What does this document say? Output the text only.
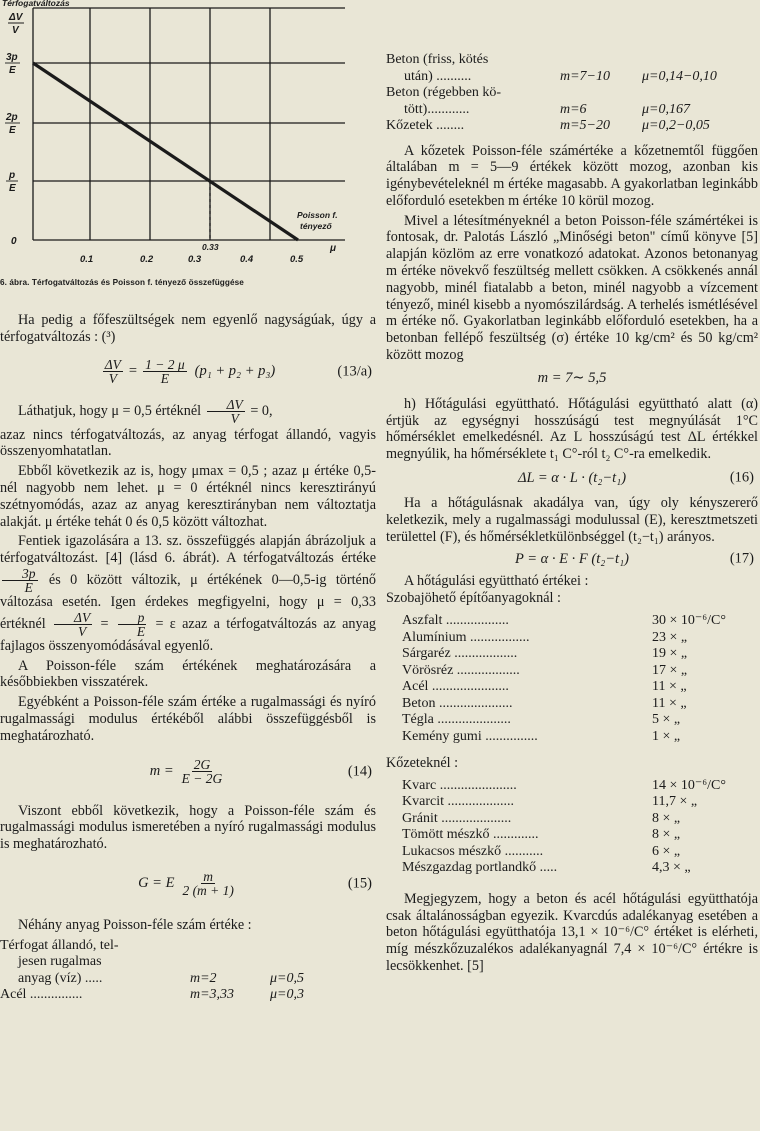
Térfogatváltozás
ΔV
V
3p
E
2p
E
p
E
0
0.1	0.2	0.3
0.33
0.4	0.5
Poisson f.
tényező
μ

6. ábra. Térfogatváltozás és Poisson f. tényező összefüggése

Ha pedig a főfeszültségek nem egyenlő nagyságúak, úgy a térfogatváltozás : (³)

$\frac{\Delta V}{V} = \frac{1 - 2 \mu}{E} (p_1 + p_2 + p_3)$	(13/a)

Láthatjuk, hogy μ = 0,5 értéknél $\frac{\Delta V}{V} = 0$,

azaz nincs térfogatváltozás, az anyag térfogat állandó, vagyis összenyomhatatlan.

Ebből következik az is, hogy μmax = 0,5 ; azaz μ értéke 0,5-nél nagyobb nem lehet. μ = 0 értéknél nincs keresztirányú szétnyomódás, azaz az anyag keresztirányban nem változtatja alakját. μ értéke tehát 0 és 0,5 között változhat.

Fentiek igazolására a 13. sz. összefüggés alapján ábrázoljuk a térfogatváltozást. [4] (lásd 6. ábrát). A térfogatváltozás értéke
$\frac{3p}{E}$ és 0 között változik, μ értékének 0—0,5-ig történő változása esetén. Igen érdekes megfigyelni, hogy μ = 0,33 értéknél $\frac{\Delta V}{V} = \frac{p}{E} = \varepsilon$ azaz a térfogatváltozás az anyag fajlagos összenyomódásával egyenlő.

A Poisson-féle szám értékének meghatározására a későbbiekben visszatérek.

Egyébként a Poisson-féle szám értéke a rugalmassági és nyíró rugalmassági modulus értékéből alábbi összefüggésből is meghatározható.

$m = \frac{2G}{E - 2G}$	(14)

Viszont ebből következik, hogy a Poisson-féle szám és rugalmassági modulus ismeretében a nyíró rugalmassági modulus is meghatározható.

G = E $\frac{m}{2 (m + 1)}$	(15)

Néhány anyag Poisson-féle szám értéke :

Térfogat állandó, tel-
jesen rugalmas
anyag (víz) .....	m=2	μ=0,5
Acél ...............	m=3,33	μ=0,3
Beton (friss, kötés
után) ..........	m=7−10	μ=0,14−0,10
Beton (régebben kö-
tött)............	m=6	μ=0,167
Kőzetek ........	m=5−20	μ=0,2−0,05

A kőzetek Poisson-féle számértéke a kőzetnemtől függően általában m = 5—9 értékek között mozog, azonban kis igénybevételeknél m értéke magasabb. A gyakorlatban leginkább előforduló esetekben m értéke 10 körül mozog.

Mivel a létesítményeknél a beton Poisson-féle számértékei is fontosak, dr. Palotás László „Minőségi beton" című könyve [5] alapján közlöm az erre vonatkozó adatokat. Azonos betonanyag m értéke növekvő feszültség mellett csökken. A csökkenés annál nagyobb, minél fiatalabb a beton, minél nagyobb a vízcement tényező, minél kisebb a nyomószilárdság. A terhelés ismétlésével m értéke nő. Gyakorlatban leginkább előforduló esetekben, ha a betonban fellépő feszültség (σ) értéke 10 kg/cm² és 50 kg/cm² között mozog

m = 7∼ 5,5

h) Hőtágulási együttható. Hőtágulási együttható alatt (α) értjük az egységnyi hosszúságú test megnyúlását 1°C hőmérséklet emelkedésnél. Az L hosszúságú test ΔL értékkel megnyúlik, ha hőmérséklete t₁ C°-ról t₂ C°-ra emelkedik.

ΔL = α · L · (t₂−t₁)	(16)

Ha a hőtágulásnak akadálya van, úgy oly kényszererő keletkezik, mely a rugalmassági modulussal (E), keresztmetszeti területtel (F), és hőmérsékletkülönbséggel (t₂−t₁) arányos.

P = α · E · F (t₂−t₁)	(17)

A hőtágulási együttható értékei :

Szobajöhető építőanyagoknál :

Aszfalt ..................	30 × 10⁻⁶/C°
Alumínium .................	23 × „
Sárgaréz ..................	19 × „
Vörösréz ..................	17 × „
Acél ......................	11 × „
Beton .....................	11 × „
Tégla .....................	5 × „
Kemény gumi ...............	1 × „

Kőzeteknél :

Kvarc ......................	14 × 10⁻⁶/C°
Kvarcit ...................	11,7 × „
Gránit ....................	8 × „
Tömött mészkő .............	8 × „
Lukacsos mészkő ...........	6 × „
Mészgazdag portlandkő .....	4,3 × „

Megjegyzem, hogy a beton és acél hőtágulási együtthatója csak általánosságban egyezik. Kvarcdús adalékanyag esetében a beton hőtágulási együtthatója 13,1 × 10⁻⁶/C° értéket is elérheti, míg mészkőzuzalékos adalékanyagnál 7,4 × 10⁻⁶/C° értékre is lecsökkenhet. [5]
